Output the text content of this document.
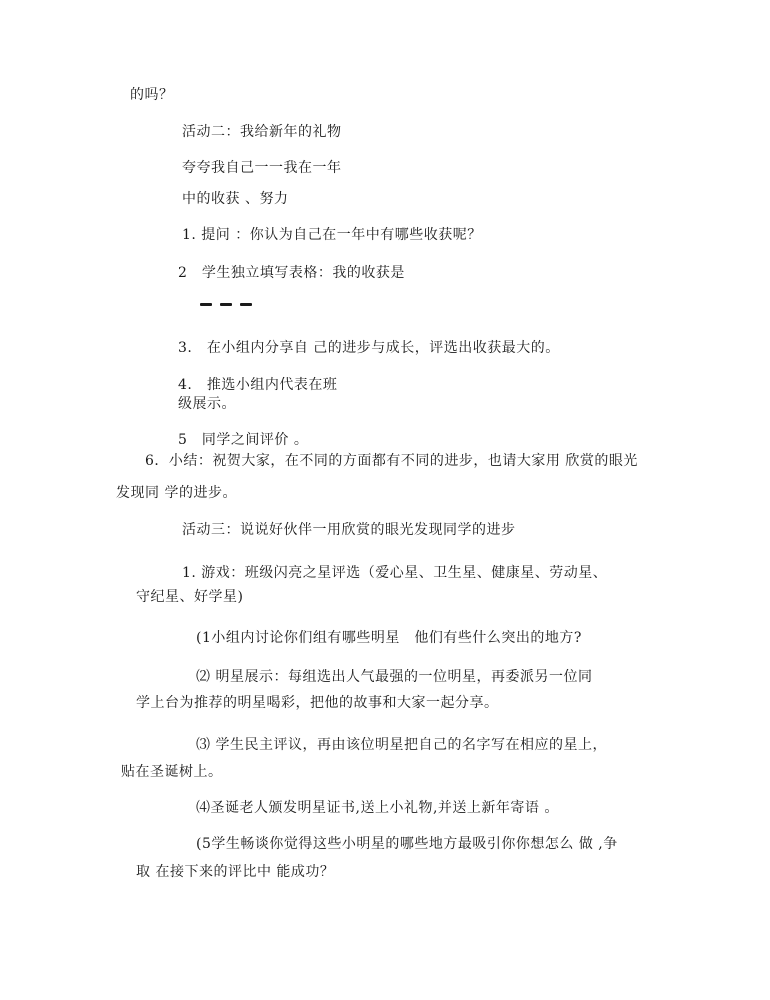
的吗？
活动二：我给新年的礼物
夸夸我自己一一我在一年
中的收获 、努力
1. 提问 ：你认为自己在一年中有哪些收获呢？
2　学生独立填写表格：我的收获是
3.　在小组内分享自 己的进步与成长，评选出收获最大的。
4.　推选小组内代表在班
级展示。
5　同学之间评价 。
6．小结：祝贺大家，在不同的方面都有不同的进步，也请大家用 欣赏的眼光
发现同 学的进步。
活动三：说说好伙伴一用欣赏的眼光发现同学的进步
1. 游戏：班级闪亮之星评选（爱心星、卫生星、健康星、劳动星、
守纪星、好学星)
(1小组内讨论你们组有哪些明星　他们有些什么突出的地方?
⑵ 明星展示：每组选出人气最强的一位明星，再委派另一位同
学上台为推荐的明星喝彩，把他的故事和大家一起分享。
⑶ 学生民主评议，再由该位明星把自己的名字写在相应的星上，
贴在圣诞树上。
⑷圣诞老人颁发明星证书,送上小礼物,并送上新年寄语 。
(5学生畅谈你觉得这些小明星的哪些地方最吸引你你想怎么 做 ,争
取 在接下来的评比中 能成功？
